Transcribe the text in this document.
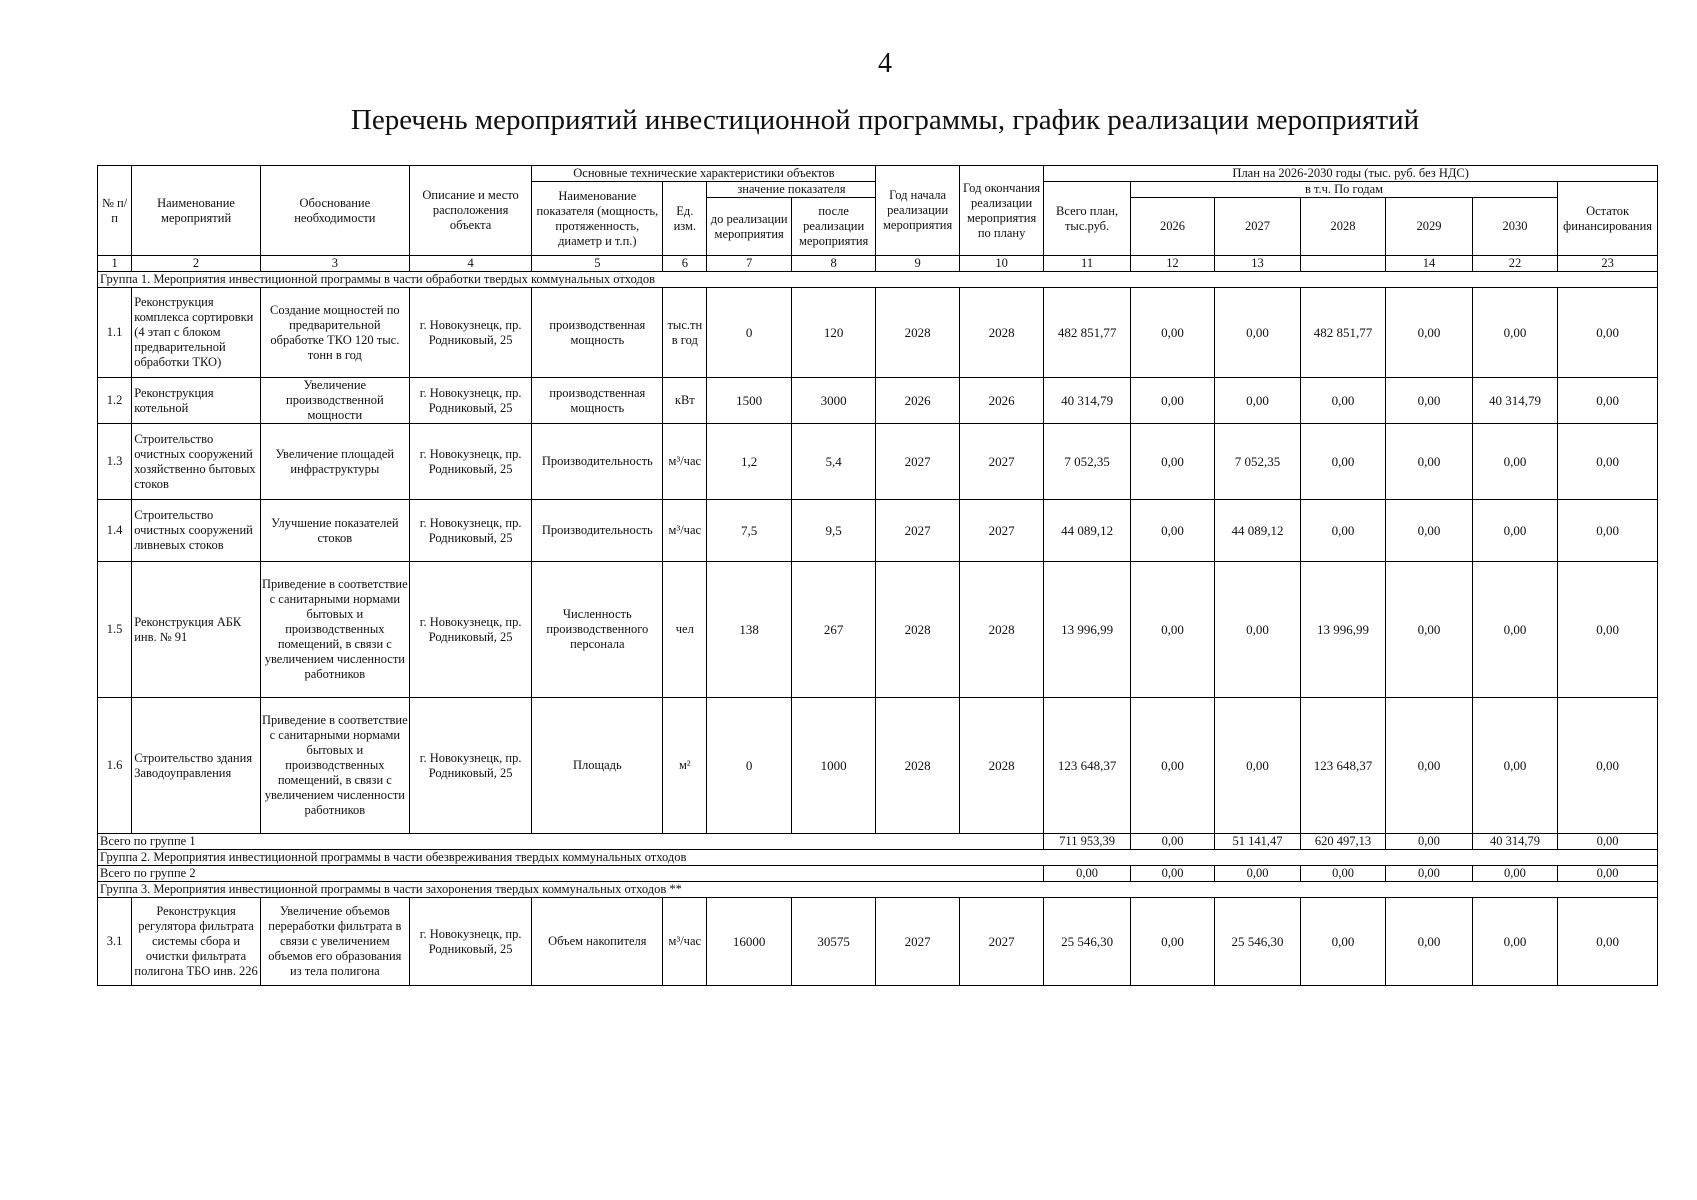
4
Перечень мероприятий инвестиционной программы, график реализации мероприятий
№ п/п	Наименование мероприятий	Обоснование необходимости	Описание и место расположения объекта	Основные технические характеристики объектов				Год начала реализации мероприятия	Год окончания реализации мероприятия по плану	План на 2026-2030 годы (тыс. руб. без НДС)						
				Наименование показателя (мощность, протяженность, диаметр и т.п.)	Ед. изм.	значение показателя				Всего план, тыс.руб.	в т.ч. По годам					Остаток финансирования
						до реализации мероприятия	после реализации мероприятия				2026	2027	2028	2029	2030	
1	2	3	4	5	6	7	8	9	10	11	12	13		14	22	23
Группа 1. Мероприятия инвестиционной программы в части обработки твердых коммунальных отходов																
1.1	Реконструкция комплекса сортировки (4 этап с блоком предварительной обработки ТКО)	Создание мощностей по предварительной обработке ТКО 120 тыс. тонн в год	г. Новокузнецк, пр. Родниковый, 25	производственная мощность	тыс.тн в год	0	120	2028	2028	482 851,77	0,00	0,00	482 851,77	0,00	0,00	0,00
1.2	Реконструкция котельной	Увеличение производственной мощности	г. Новокузнецк, пр. Родниковый, 25	производственная мощность	кВт	1500	3000	2026	2026	40 314,79	0,00	0,00	0,00	0,00	40 314,79	0,00
1.3	Строительство очистных сооружений хозяйственно бытовых стоков	Увеличение площадей инфраструктуры	г. Новокузнецк, пр. Родниковый, 25	Производительность	м³/час	1,2	5,4	2027	2027	7 052,35	0,00	7 052,35	0,00	0,00	0,00	0,00
1.4	Строительство очистных сооружений ливневых стоков	Улучшение показателей стоков	г. Новокузнецк, пр. Родниковый, 25	Производительность	м³/час	7,5	9,5	2027	2027	44 089,12	0,00	44 089,12	0,00	0,00	0,00	0,00
1.5	Реконструкция АБК инв. № 91	Приведение в соответствие с санитарными нормами бытовых и производственных помещений, в связи с увеличением численности работников	г. Новокузнецк, пр. Родниковый, 25	Численность производственного персонала	чел	138	267	2028	2028	13 996,99	0,00	0,00	13 996,99	0,00	0,00	0,00
1.6	Строительство здания Заводоуправления	Приведение в соответствие с санитарными нормами бытовых и производственных помещений, в связи с увеличением численности работников	г. Новокузнецк, пр. Родниковый, 25	Площадь	м²	0	1000	2028	2028	123 648,37	0,00	0,00	123 648,37	0,00	0,00	0,00
Всего по группе 1										711 953,39	0,00	51 141,47	620 497,13	0,00	40 314,79	0,00
Группа 2. Мероприятия инвестиционной программы в части обезвреживания твердых коммунальных отходов																
Всего по группе 2										0,00	0,00	0,00	0,00	0,00	0,00	0,00
Группа 3. Мероприятия инвестиционной программы в части захоронения твердых коммунальных отходов **																
3.1	Реконструкция регулятора фильтрата системы сбора и очистки фильтрата полигона ТБО инв. 226	Увеличение объемов переработки фильтрата в связи с увеличением объемов его образования из тела полигона	г. Новокузнецк, пр. Родниковый, 25	Объем накопителя	м³/час	16000	30575	2027	2027	25 546,30	0,00	25 546,30	0,00	0,00	0,00	0,00
